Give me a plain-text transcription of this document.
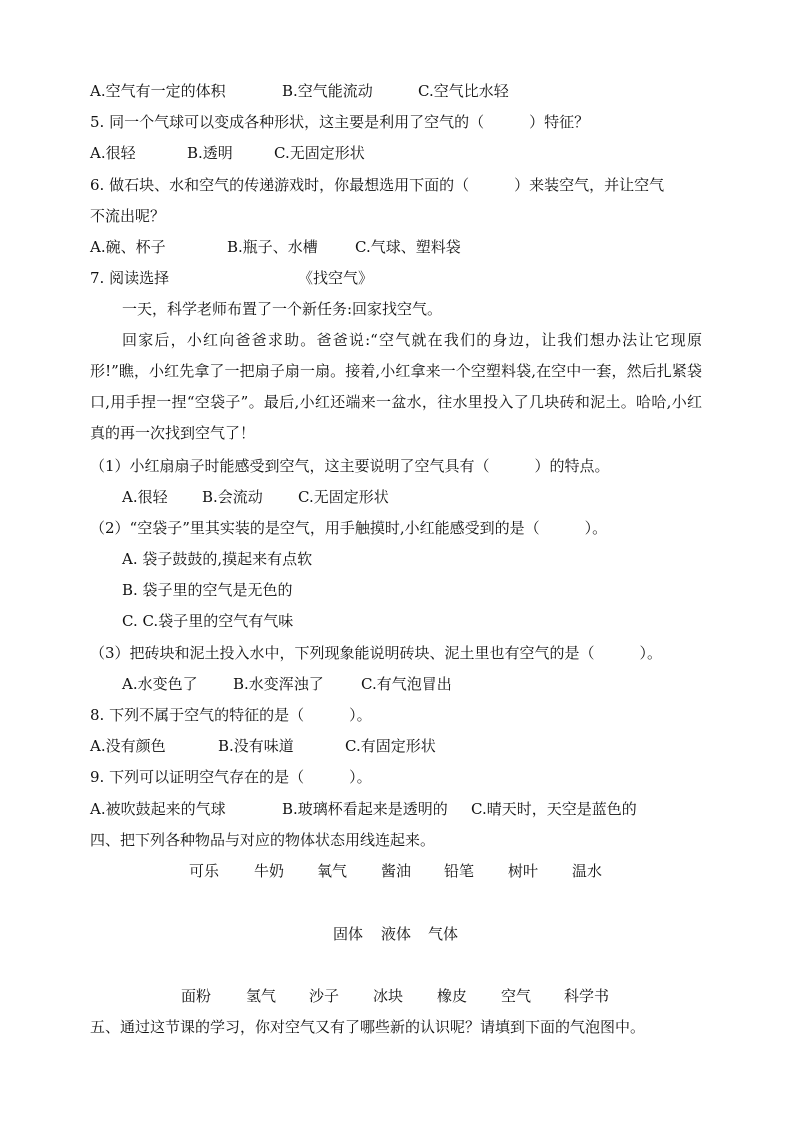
A.空气有一定的体积	B.空气能流动	C.空气比水轻
5. 同一个气球可以变成各种形状，这主要是利用了空气的（　　　）特征？
A.很轻	B.透明	C.无固定形状
6. 做石块、水和空气的传递游戏时，你最想选用下面的（　　　）来装空气，并让空气
不流出呢？
A.碗、杯子	B.瓶子、水槽 C.气球、塑料袋
7. 阅读选择	《找空气》
一天，科学老师布置了一个新任务:回家找空气。
回家后，小红向爸爸求助。爸爸说:“空气就在我们的身边，让我们想办法让它现原形!”瞧，小红先拿了一把扇子扇一扇。接着,小红拿来一个空塑料袋,在空中一套，然后扎紧袋口,用手捏一捏“空袋子”。最后,小红还端来一盆水，往水里投入了几块砖和泥土。哈哈,小红真的再一次找到空气了！
（1）小红扇扇子时能感受到空气，这主要说明了空气具有（　　　）的特点。
A.很轻 B.会流动 C.无固定形状
（2）“空袋子”里其实装的是空气，用手触摸时,小红能感受到的是（　　　）。
A. 袋子鼓鼓的,摸起来有点软
B. 袋子里的空气是无色的
C. C.袋子里的空气有气味
（3）把砖块和泥土投入水中，下列现象能说明砖块、泥土里也有空气的是（　　　）。
A.水变色了 B.水变浑浊了 C.有气泡冒出
8. 下列不属于空气的特征的是（　　　）。
A.没有颜色	B.没有味道	C.有固定形状
9. 下列可以证明空气存在的是（　　　）。
A.被吹鼓起来的气球	B.玻璃杯看起来是透明的 C.晴天时，天空是蓝色的
四、把下列各种物品与对应的物体状态用线连起来。
可乐 牛奶 氧气 酱油 铅笔 树叶 温水
固体 液体 气体
面粉 氢气 沙子 冰块 橡皮 空气 科学书
五、通过这节课的学习，你对空气又有了哪些新的认识呢？请填到下面的气泡图中。
